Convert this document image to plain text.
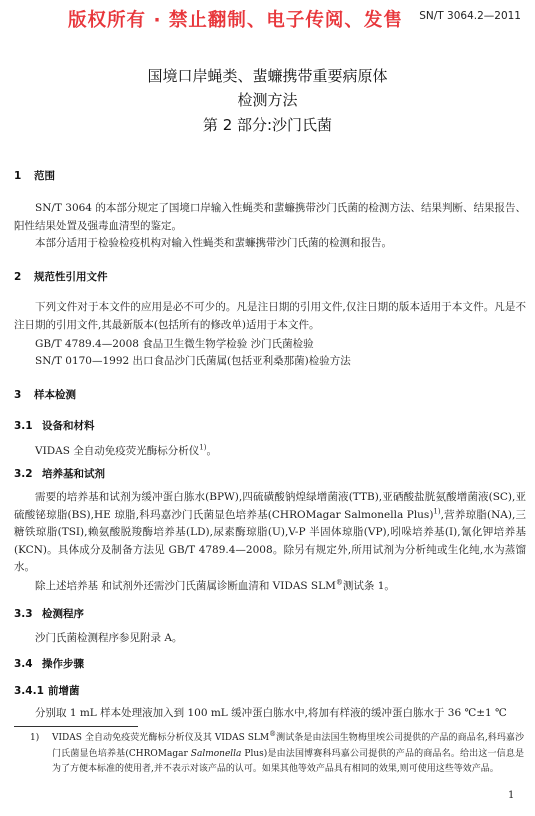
版权所有 · 禁止翻制、电子传阅、发售 SN/T 3064.2—2011
国境口岸蝇类、蜚蠊携带重要病原体
检测方法
第 2 部分:沙门氏菌
1 范围
SN/T 3064 的本部分规定了国境口岸输入性蝇类和蜚蠊携带沙门氏菌的检测方法、结果判断、结果报告、阳性结果处置及强毒血清型的鉴定。
本部分适用于检验检疫机构对输入性蝇类和蜚蠊携带沙门氏菌的检测和报告。
2 规范性引用文件
下列文件对于本文件的应用是必不可少的。凡是注日期的引用文件,仅注日期的版本适用于本文件。凡是不注日期的引用文件,其最新版本(包括所有的修改单)适用于本文件。
GB/T 4789.4—2008 食品卫生微生物学检验 沙门氏菌检验
SN/T 0170—1992 出口食品沙门氏菌属(包括亚利桑那菌)检验方法
3 样本检测
3.1 设备和材料
VIDAS 全自动免疫荧光酶标分析仪$^{1)}$。
3.2 培养基和试剂
需要的培养基和试剂为缓冲蛋白胨水(BPW),四硫磺酸钠煌绿增菌液(TTB),亚硒酸盐胱氨酸增菌液(SC),亚硫酸铋琼脂(BS),HE 琼脂,科玛嘉沙门氏菌显色培养基(CHROMagar Salmonella Plus)$^{1)}$,营养琼脂(NA),三糖铁琼脂(TSI),赖氨酸脱羧酶培养基(LD),尿素酶琼脂(U),V-P 半固体琼脂(VP),吲哚培养基(I),氰化钾培养基(KCN)。具体成分及制备方法见 GB/T 4789.4—2008。除另有规定外,所用试剂为分析纯或生化纯,水为蒸馏水。
除上述培养基 和试剂外还需沙门氏菌属诊断血清和 VIDAS SLM®测试条 1。
3.3 检测程序
沙门氏菌检测程序参见附录 A。
3.4 操作步骤
3.4.1 前增菌
分别取 1 mL 样本处理液加入到 100 mL 缓冲蛋白胨水中,将加有样液的缓冲蛋白胨水于 36 ℃±1 ℃
1) VIDAS 全自动免疫荧光酶标分析仪及其 VIDAS SLM®测试条是由法国生物梅里埃公司提供的产品的商品名,科玛嘉沙门氏菌显色培养基(CHROMagar Salmonella Plus)是由法国博赛科玛嘉公司提供的产品的商品名。给出这一信息是为了方便本标准的使用者,并不表示对该产品的认可。如果其他等效产品具有相同的效果,则可使用这些等效产品。
1
